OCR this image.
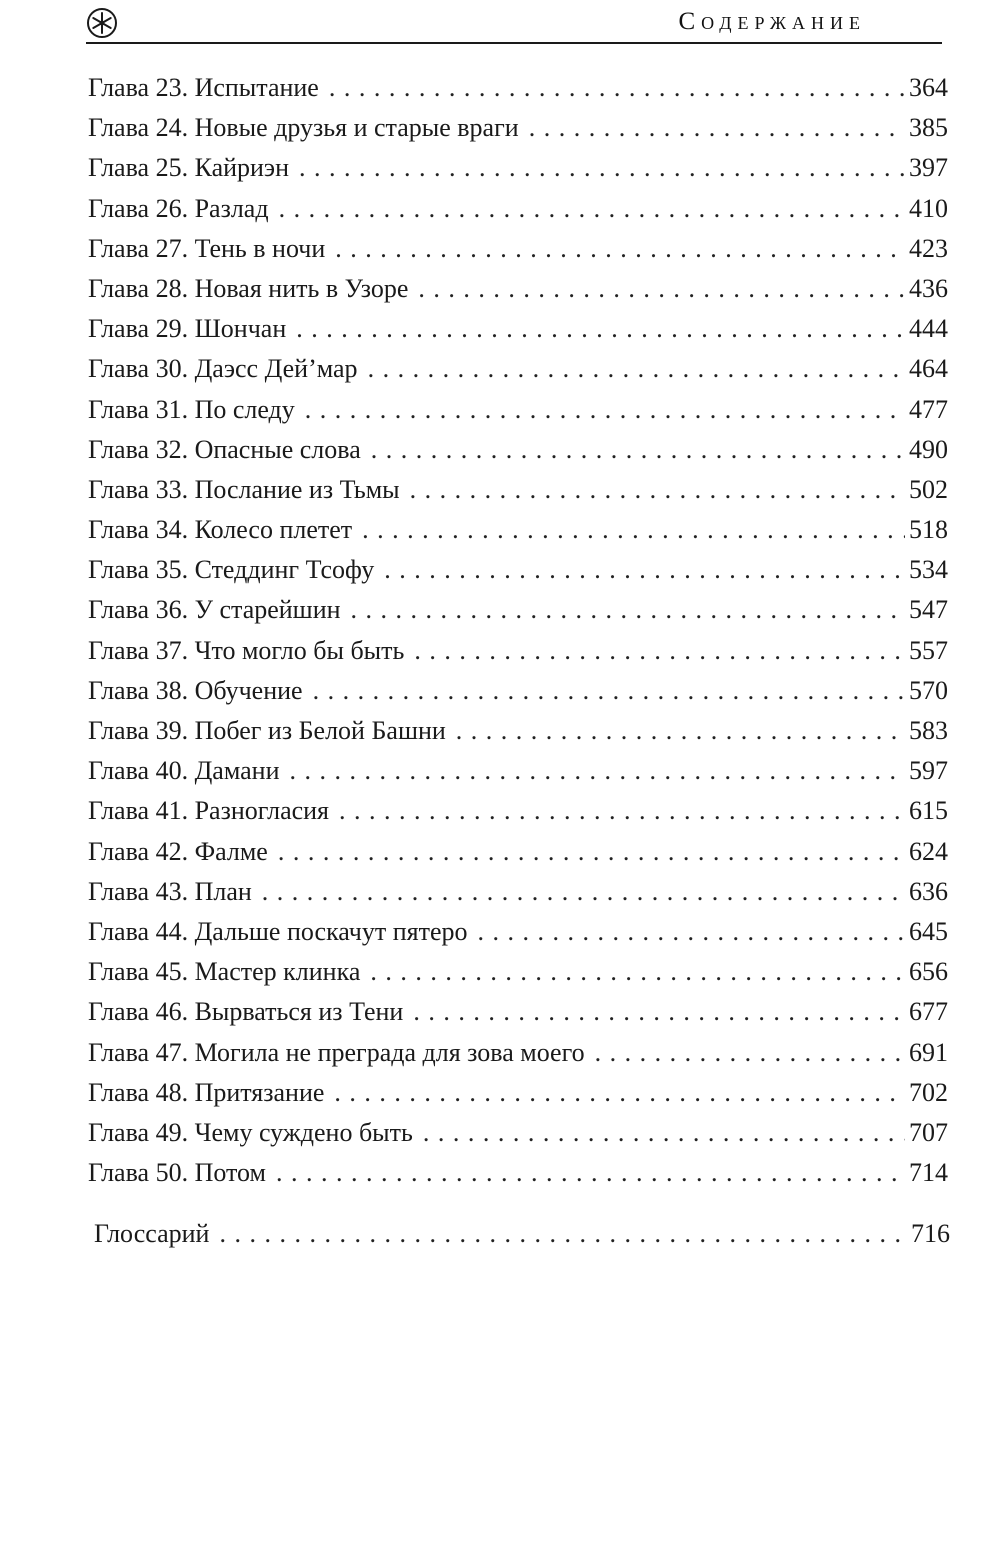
Содержание
Глава 23. Испытание . . .	364
Глава 24. Новые друзья и старые враги . . .	385
Глава 25. Кайриэн . . .	397
Глава 26. Разлад . . .	410
Глава 27. Тень в ночи . . .	423
Глава 28. Новая нить в Узоре . . .	436
Глава 29. Шончан . . .	444
Глава 30. Даэсс Дей’мар . . .	464
Глава 31. По следу . . .	477
Глава 32. Опасные слова . . .	490
Глава 33. Послание из Тьмы . . .	502
Глава 34. Колесо плетет . . .	518
Глава 35. Стеддинг Тсофу . . .	534
Глава 36. У старейшин . . .	547
Глава 37. Что могло бы быть . . .	557
Глава 38. Обучение . . .	570
Глава 39. Побег из Белой Башни . . .	583
Глава 40. Дамани . . .	597
Глава 41. Разногласия . . .	615
Глава 42. Фалме . . .	624
Глава 43. План . . .	636
Глава 44. Дальше поскачут пятеро . . .	645
Глава 45. Мастер клинка . . .	656
Глава 46. Вырваться из Тени . . .	677
Глава 47. Могила не преграда для зова моего . . .	691
Глава 48. Притязание . . .	702
Глава 49. Чему суждено быть . . .	707
Глава 50. Потом . . .	714
Глоссарий . . .	716
